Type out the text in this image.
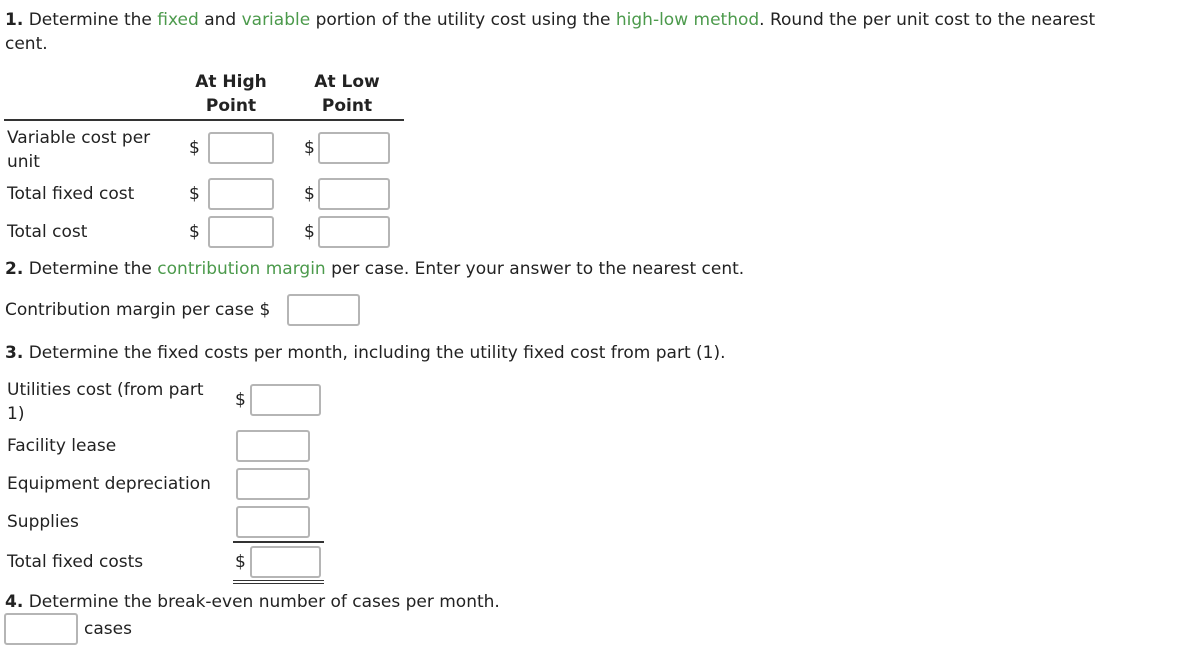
1. Determine the fixed and variable portion of the utility cost using the high-low method. Round the per unit cost to the nearest
cent.
At High
Point
At Low
Point
Variable cost per
unit
$	$
Total fixed cost	$	$
Total cost	$	$
2. Determine the contribution margin per case. Enter your answer to the nearest cent.
Contribution margin per case $
3. Determine the fixed costs per month, including the utility fixed cost from part (1).
Utilities cost (from part
1)
$
Facility lease
Equipment depreciation
Supplies
Total fixed costs	$
4. Determine the break-even number of cases per month.
cases
